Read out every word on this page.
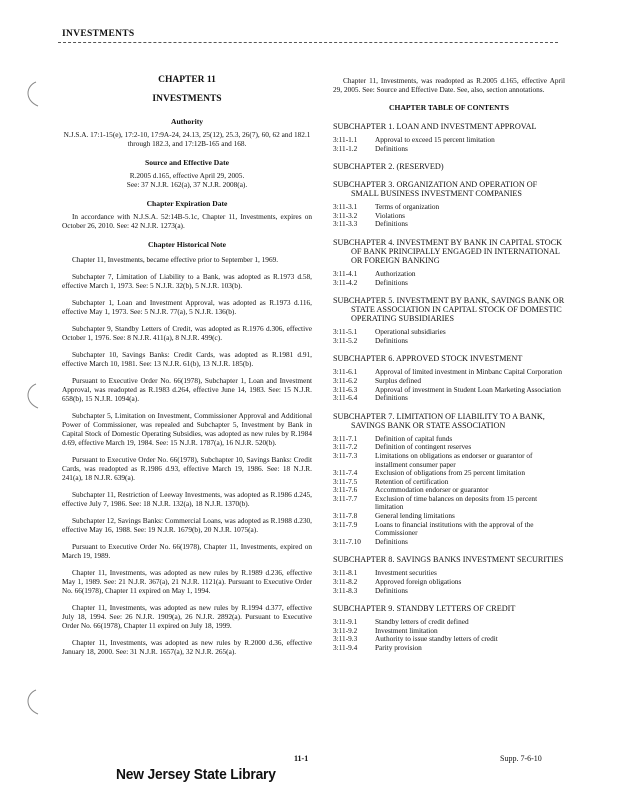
INVESTMENTS
CHAPTER 11
INVESTMENTS
Authority
N.J.S.A. 17:1-15(e), 17:2-10, 17:9A-24, 24.13, 25(12), 25.3, 26(7), 60, 62 and 182.1 through 182.3, and 17:12B-165 and 168.
Source and Effective Date
R.2005 d.165, effective April 29, 2005.
See: 37 N.J.R. 162(a), 37 N.J.R. 2008(a).
Chapter Expiration Date
In accordance with N.J.S.A. 52:14B-5.1c, Chapter 11, Investments, expires on October 26, 2010. See: 42 N.J.R. 1273(a).
Chapter Historical Note

Chapter 11, Investments, became effective prior to September 1, 1969.

Subchapter 7, Limitation of Liability to a Bank, was adopted as R.1973 d.58, effective March 1, 1973. See: 5 N.J.R. 32(b), 5 N.J.R. 103(b).

Subchapter 1, Loan and Investment Approval, was adopted as R.1973 d.116, effective May 1, 1973. See: 5 N.J.R. 77(a), 5 N.J.R. 136(b).

Subchapter 9, Standby Letters of Credit, was adopted as R.1976 d.306, effective October 1, 1976. See: 8 N.J.R. 411(a), 8 N.J.R. 499(c).

Subchapter 10, Savings Banks: Credit Cards, was adopted as R.1981 d.91, effective March 10, 1981. See: 13 N.J.R. 61(b), 13 N.J.R. 185(b).

Pursuant to Executive Order No. 66(1978), Subchapter 1, Loan and Investment Approval, was readopted as R.1983 d.264, effective June 14, 1983. See: 15 N.J.R. 658(b), 15 N.J.R. 1094(a).

Subchapter 5, Limitation on Investment, Commissioner Approval and Additional Power of Commissioner, was repealed and Subchapter 5, Investment by Bank in Capital Stock of Domestic Operating Subsidies, was adopted as new rules by R.1984 d.69, effective March 19, 1984. See: 15 N.J.R. 1787(a), 16 N.J.R. 520(b).

Pursuant to Executive Order No. 66(1978), Subchapter 10, Savings Banks: Credit Cards, was readopted as R.1986 d.93, effective March 19, 1986. See: 18 N.J.R. 241(a), 18 N.J.R. 639(a).

Subchapter 11, Restriction of Leeway Investments, was adopted as R.1986 d.245, effective July 7, 1986. See: 18 N.J.R. 132(a), 18 N.J.R. 1370(b).

Subchapter 12, Savings Banks: Commercial Loans, was adopted as R.1988 d.230, effective May 16, 1988. See: 19 N.J.R. 1679(b), 20 N.J.R. 1075(a).

Pursuant to Executive Order No. 66(1978), Chapter 11, Investments, expired on March 19, 1989.

Chapter 11, Investments, was adopted as new rules by R.1989 d.236, effective May 1, 1989. See: 21 N.J.R. 367(a), 21 N.J.R. 1121(a). Pursuant to Executive Order No. 66(1978), Chapter 11 expired on May 1, 1994.

Chapter 11, Investments, was adopted as new rules by R.1994 d.377, effective July 18, 1994. See: 26 N.J.R. 1909(a), 26 N.J.R. 2892(a). Pursuant to Executive Order No. 66(1978), Chapter 11 expired on July 18, 1999.

Chapter 11, Investments, was adopted as new rules by R.2000 d.36, effective January 18, 2000. See: 31 N.J.R. 1657(a), 32 N.J.R. 265(a).

Chapter 11, Investments, was readopted as R.2005 d.165, effective April 29, 2005. See: Source and Effective Date. See, also, section annotations.
CHAPTER TABLE OF CONTENTS
SUBCHAPTER 1. LOAN AND INVESTMENT APPROVAL
3:11-1.1	Approval to exceed 15 percent limitation
3:11-1.2	Definitions
SUBCHAPTER 2. (RESERVED)
SUBCHAPTER 3. ORGANIZATION AND OPERATION OF SMALL BUSINESS INVESTMENT COMPANIES
3:11-3.1	Terms of organization
3:11-3.2	Violations
3:11-3.3	Definitions
SUBCHAPTER 4. INVESTMENT BY BANK IN CAPITAL STOCK OF BANK PRINCIPALLY ENGAGED IN INTERNATIONAL OR FOREIGN BANKING
3:11-4.1	Authorization
3:11-4.2	Definitions
SUBCHAPTER 5. INVESTMENT BY BANK, SAVINGS BANK OR STATE ASSOCIATION IN CAPITAL STOCK OF DOMESTIC OPERATING SUBSIDIARIES
3:11-5.1	Operational subsidiaries
3:11-5.2	Definitions
SUBCHAPTER 6. APPROVED STOCK INVESTMENT
3:11-6.1	Approval of limited investment in Minbanc Capital Corporation
3:11-6.2	Surplus defined
3:11-6.3	Approval of investment in Student Loan Marketing Association
3:11-6.4	Definitions
SUBCHAPTER 7. LIMITATION OF LIABILITY TO A BANK, SAVINGS BANK OR STATE ASSOCIATION
3:11-7.1	Definition of capital funds
3:11-7.2	Definition of contingent reserves
3:11-7.3	Limitations on obligations as endorser or guarantor of installment consumer paper
3:11-7.4	Exclusion of obligations from 25 percent limitation
3:11-7.5	Retention of certification
3:11-7.6	Accommodation endorser or guarantor
3:11-7.7	Exclusion of time balances on deposits from 15 percent limitation
3:11-7.8	General lending limitations
3:11-7.9	Loans to financial institutions with the approval of the Commissioner
3:11-7.10	Definitions
SUBCHAPTER 8. SAVINGS BANKS INVESTMENT SECURITIES
3:11-8.1	Investment securities
3:11-8.2	Approved foreign obligations
3:11-8.3	Definitions
SUBCHAPTER 9. STANDBY LETTERS OF CREDIT
3:11-9.1	Standby letters of credit defined
3:11-9.2	Investment limitation
3:11-9.3	Authority to issue standby letters of credit
3:11-9.4	Parity provision
11-1	Supp. 7-6-10
New Jersey State Library
